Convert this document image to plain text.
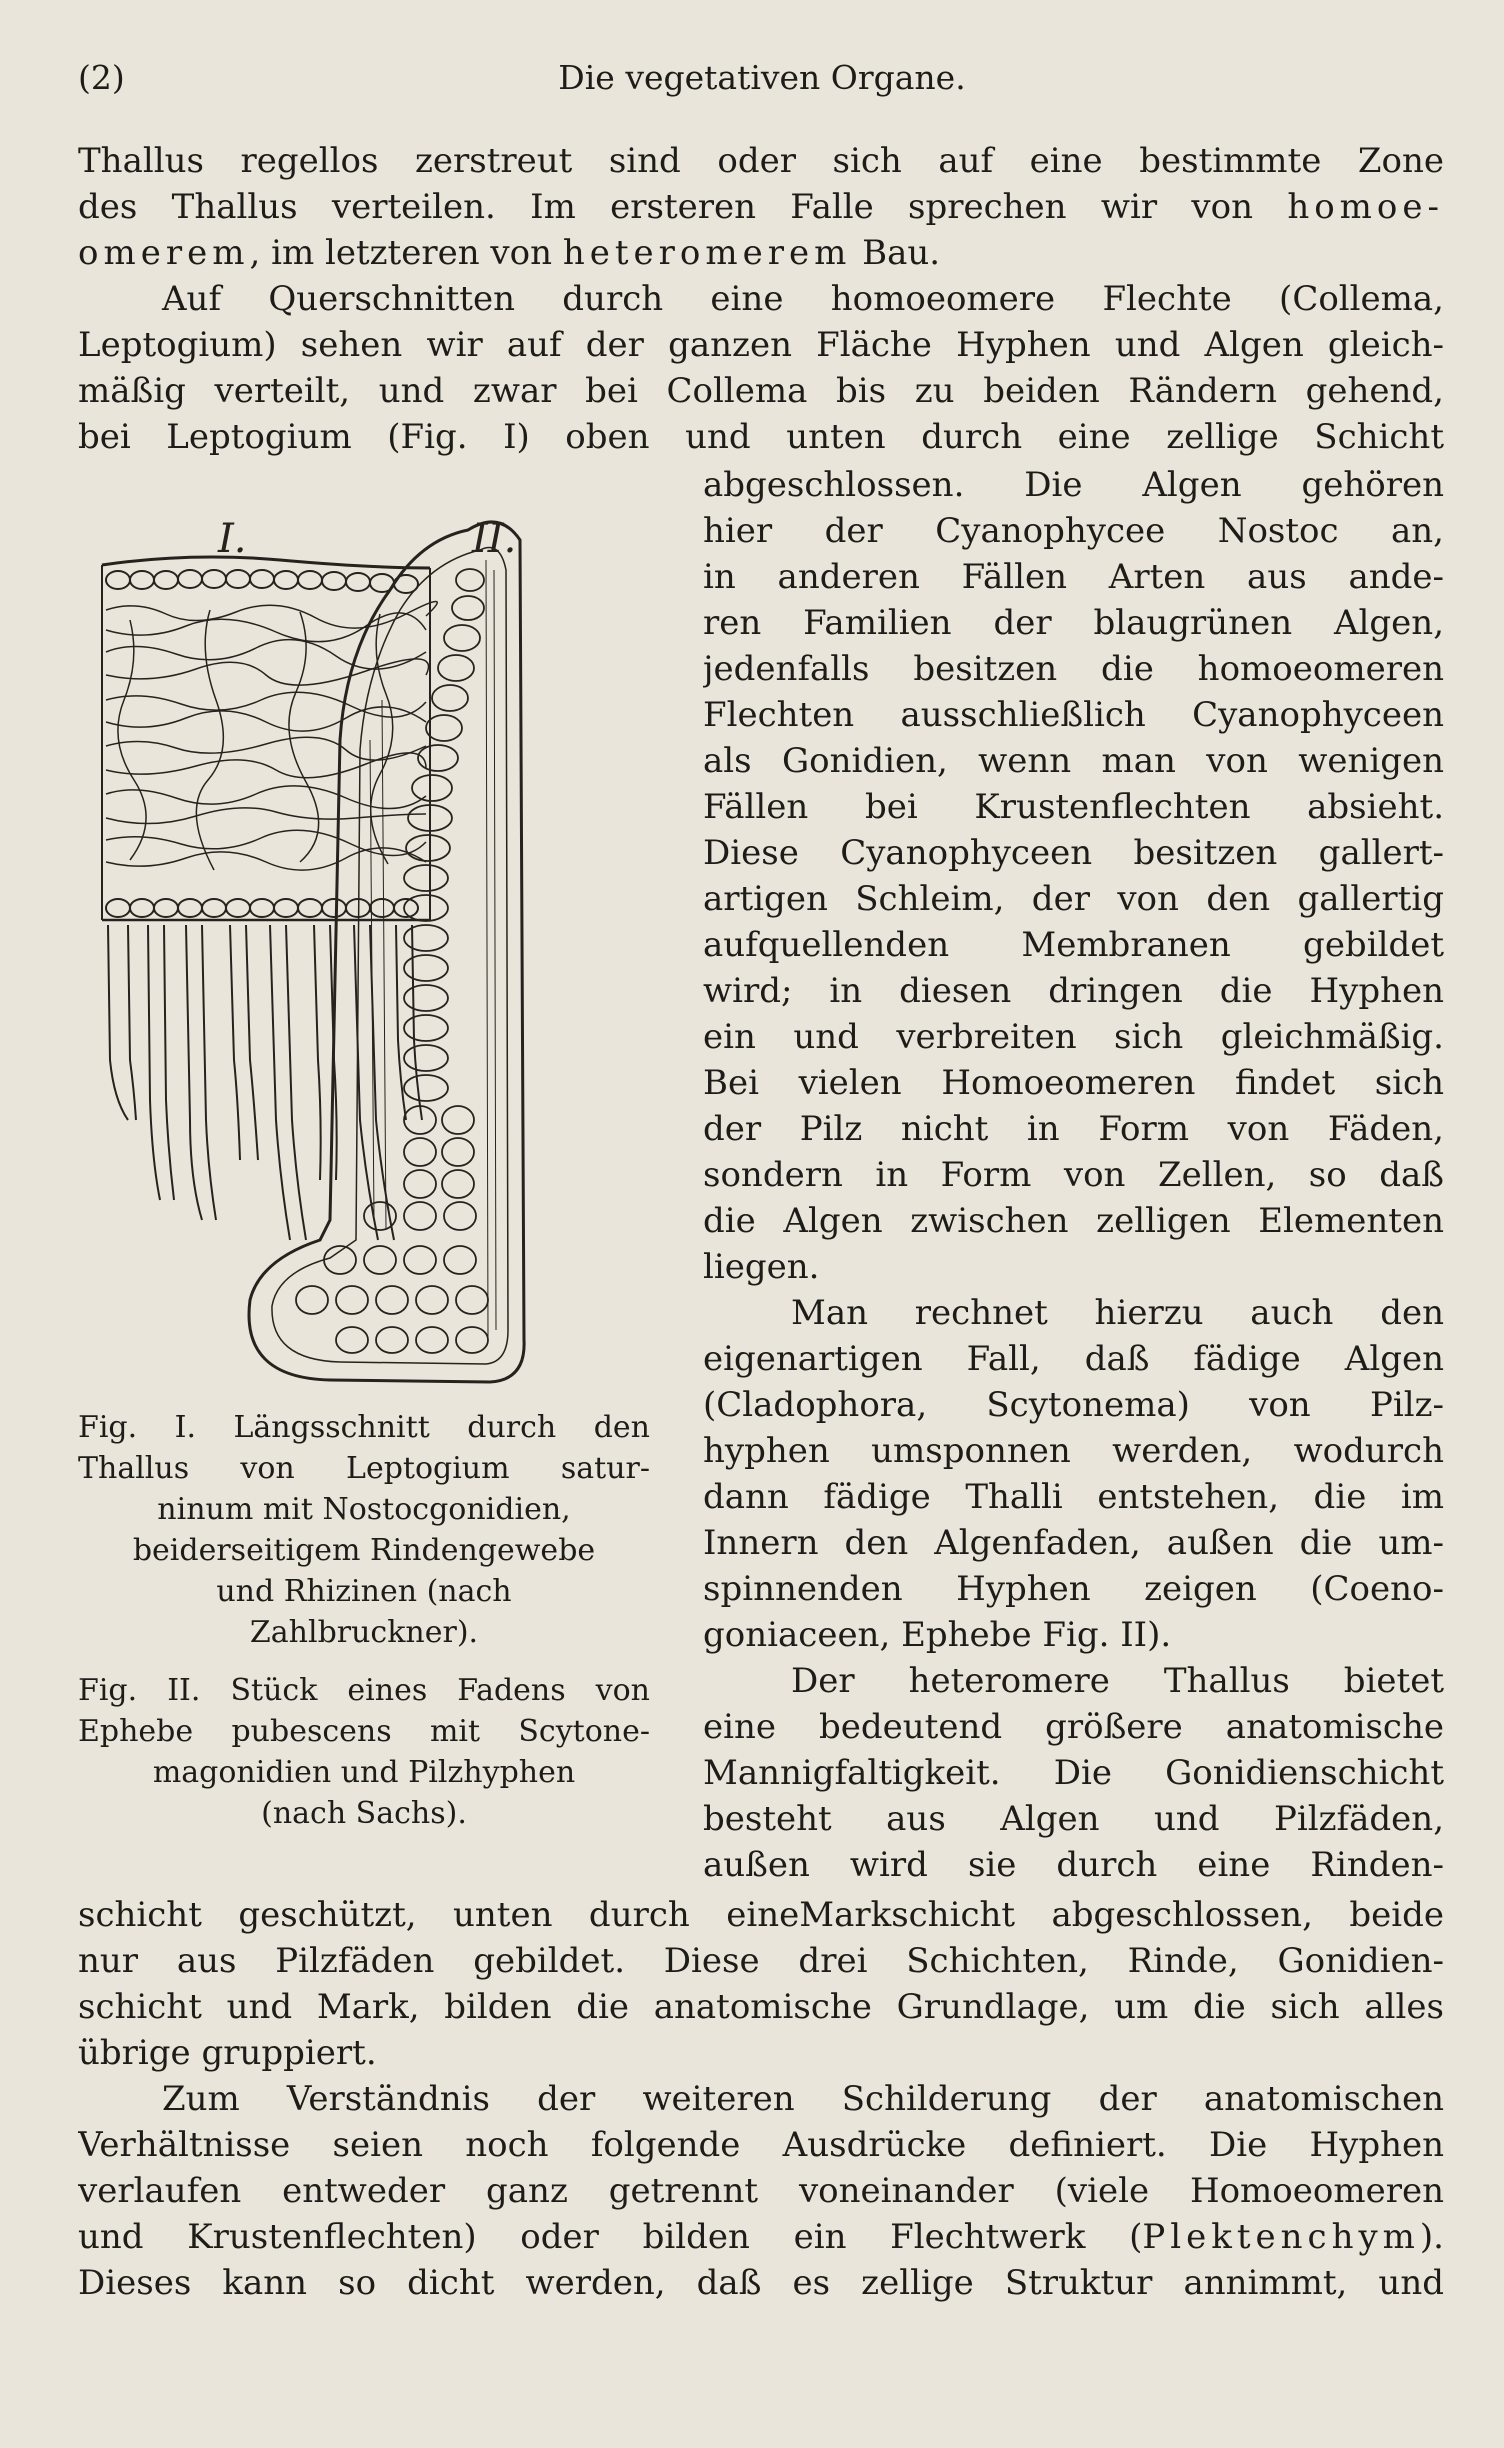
(2)	Die vegetativen Organe.
Thallus regellos zerstreut sind oder sich auf eine bestimmte Zone
des Thallus verteilen. Im ersteren Falle sprechen wir von homoe-
omerem, im letzteren von heteromerem Bau.
Auf Querschnitten durch eine homoeomere Flechte (Collema,
Leptogium) sehen wir auf der ganzen Fläche Hyphen und Algen gleich-
mäßig verteilt, und zwar bei Collema bis zu beiden Rändern gehend,
bei Leptogium (Fig. I) oben und unten durch eine zellige Schicht
I.	II.
abgeschlossen. Die Algen gehören
hier der Cyanophycee Nostoc an,
in anderen Fällen Arten aus ande-
ren Familien der blaugrünen Algen,
jedenfalls besitzen die homoeomeren
Flechten ausschließlich Cyanophyceen
als Gonidien, wenn man von wenigen
Fällen bei Krustenflechten absieht.
Diese Cyanophyceen besitzen gallert-
artigen Schleim, der von den gallertig
aufquellenden Membranen gebildet
wird; in diesen dringen die Hyphen
ein und verbreiten sich gleichmäßig.
Bei vielen Homoeomeren findet sich
der Pilz nicht in Form von Fäden,
sondern in Form von Zellen, so daß
die Algen zwischen zelligen Elementen
liegen.
Man rechnet hierzu auch den
eigenartigen Fall, daß fädige Algen
(Cladophora, Scytonema) von Pilz-
hyphen umsponnen werden, wodurch
dann fädige Thalli entstehen, die im
Innern den Algenfaden, außen die um-
spinnenden Hyphen zeigen (Coeno-
goniaceen, Ephebe Fig. II).
Der heteromere Thallus bietet
eine bedeutend größere anatomische
Mannigfaltigkeit. Die Gonidienschicht
besteht aus Algen und Pilzfäden,
außen wird sie durch eine Rinden-
Fig. I. Längsschnitt durch den
Thallus von Leptogium satur-
ninum mit Nostocgonidien,
beiderseitigem Rindengewebe
und Rhizinen (nach
Zahlbruckner).
Fig. II. Stück eines Fadens von
Ephebe pubescens mit Scytone-
magonidien und Pilzhyphen
(nach Sachs).
schicht geschützt, unten durch eineMarkschicht abgeschlossen, beide
nur aus Pilzfäden gebildet. Diese drei Schichten, Rinde, Gonidien-
schicht und Mark, bilden die anatomische Grundlage, um die sich alles
übrige gruppiert.
Zum Verständnis der weiteren Schilderung der anatomischen
Verhältnisse seien noch folgende Ausdrücke definiert. Die Hyphen
verlaufen entweder ganz getrennt voneinander (viele Homoeomeren
und Krustenflechten) oder bilden ein Flechtwerk (Plektenchym).
Dieses kann so dicht werden, daß es zellige Struktur annimmt, und
